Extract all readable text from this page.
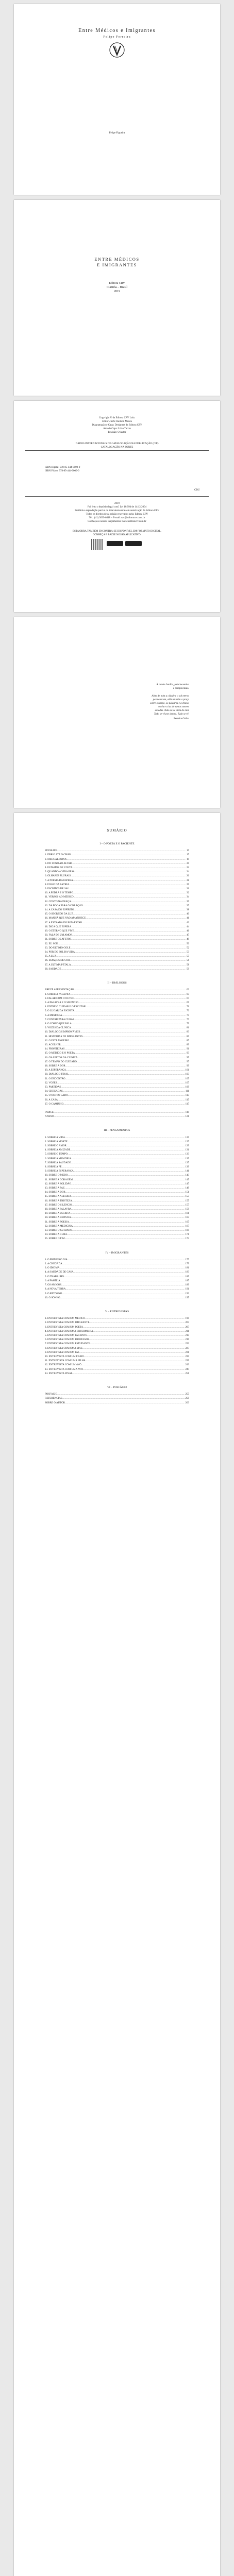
Entre Médicos e Imigrantes
Felipe Ferreira
Felipe Figueira
ENTRE MÉDICOS
E IMIGRANTES
Editora CRV
Curitiba – Brasil
2019
Copyright © da Editora CRV Ltda.
Editor-chefe: Railson Moura
Diagramação e Capa: Designers da Editora CRV
Arte de Capa: Lívio Tarcio
Revisão: O Autor
DADOS INTERNACIONAIS DE CATALOGAÇÃO NA PUBLICAÇÃO (CIP)
CATALOGAÇÃO NA FONTE
ISBN Digital: 978-85-444-0000-0
ISBN Físico: 978-85-444-0000-0
CDU
2019
Foi feito o depósito legal conf. Lei 10.994 de 14/12/2004
Proibida a reprodução parcial ou total desta obra sem autorização da Editora CRV
Todos os direitos desta edição reservados pela: Editora CRV
Tel.: (41) 3039-6418 – E-mail: sac@editoracrv.com.br
Conheça os nossos lançamentos: www.editoracrv.com.br
ESTA OBRA TAMBÉM ENCONTRA-SE DISPONÍVEL EM FORMATO DIGITAL.
CONHEÇA E BAIXE NOSSO APLICATIVO!
À minha família, pelo incentivo
e compreensão.
Além de mim a cidade e o sol eterno
permanecem, além de mim a praça
sobre o tempo, os pássaros e a chuva,
o céu e a luz de tantas nuvens
amadas. Tudo vê-se além de mim
Tudo se vê por dentro. Tudo se vê.
Ferreira Gullar
SUMÁRIO
I – O POETA E O PACIENTE
EPÍGRAFE .....	15
1. ÉBRIO ATÉ O CHÃO .....	17
2. MEUS ALENTOS .....	19
3. DO SONO AO ALTAR .....	20
4. ESTAMOS DE VOLTA .....	22
5. QUANDO A VIDA PESA .....	24
6. OLHARES PLURAIS .....	26
7. A POESIA DA ESPERA .....	28
8. FILHO DA PÁTRIA .....	29
9. ESCRITOS DE SAL .....	31
10. A PEDRA E O TEMPO .....	32
11. VERSOS AO MÉDICO .....	34
12. CONTO NA PRAÇA .....	35
13. DA BOCA PARA O CORAÇÃO .....	37
14. A CASA DO ESPÍRITO .....	38
15. O SEGREDO DA LUZ .....	40
16. MANHÃ QUE NÃO AMANHECE .....	41
17. A ESTRADA DO BEM-ESTAR .....	43
18. DIGA QUE ESPERA .....	44
19. O ETERNO QUE VIVE .....	46
20. FALA DE UM AMOR .....	47
21. SOBRE OS AFETOS .....	49
22. EU SOU .....	50
23. DO ÚLTIMO GOLE .....	52
24. PÔR DO SOL DA VIDA .....	53
25. A LUZ .....	55
26. ESPAÇOS DE COR .....	56
27. A ÚLTIMA PÉTALA .....	58
28. SAUDADE .....	59
II – DIÁLOGOS
BREVE APRESENTAÇÃO .....	63
1. SOBRE A PALAVRA .....	65
2. FALAR COM O OUTRO .....	67
3. A PALAVRA E O SILÊNCIO .....	69
4. ENTRE O CUIDAR E O ESCUTAR .....	71
5. O LUGAR DA ESCRITA .....	73
6. A MEMÓRIA .....	75
7. CONTAR PARA CURAR .....	77
8. O CORPO QUE FALA .....	79
9. VOZES DA CLÍNICA .....	81
10. DIÁLOGOS IMPROVÁVEIS .....	83
11. HISTÓRIAS DE IMIGRANTES .....	85
12. O ESTRANGEIRO .....	87
13. ACOLHER .....	89
14. FRONTEIRAS .....	91
15. O MÉDICO E O POETA .....	93
16. OS AFETOS DA CLÍNICA .....	95
17. O TEMPO DO CUIDADO .....	97
18. SOBRE A DOR .....	99
19. A ESPERANÇA .....	101
20. DIÁLOGO FINAL .....	103
21. O ENCONTRO .....	105
22. VOZES .....	107
23. PARTIDAS .....	109
24. CHEGADAS .....	111
25. O OUTRO LADO .....	113
26. A CASA .....	115
27. O CAMINHO .....	117
ÍNDICE .....	119
ANEXO .....	121
III – PENSAMENTOS
1. SOBRE A VIDA .....	125
2. SOBRE A MORTE .....	127
3. SOBRE O AMOR .....	129
4. SOBRE A AMIZADE .....	131
5. SOBRE O TEMPO .....	133
6. SOBRE A MEMÓRIA .....	135
7. SOBRE A SAUDADE .....	137
8. SOBRE A FÉ .....	139
9. SOBRE A ESPERANÇA .....	141
10. SOBRE O MEDO .....	143
11. SOBRE A CORAGEM .....	145
12. SOBRE A SOLIDÃO .....	147
13. SOBRE A PAZ .....	149
14. SOBRE A DOR .....	151
15. SOBRE A ALEGRIA .....	153
16. SOBRE A TRISTEZA .....	155
17. SOBRE O SILÊNCIO .....	157
18. SOBRE A PALAVRA .....	159
19. SOBRE A ESCRITA .....	161
20. SOBRE A LEITURA .....	163
21. SOBRE A POESIA .....	165
22. SOBRE A MEDICINA .....	167
23. SOBRE O CUIDADO .....	169
24. SOBRE A CURA .....	171
25. SOBRE O FIM .....	173
IV – IMIGRANTES
1. O PRIMEIRO DIA .....	177
2. A CHEGADA .....	179
3. O IDIOMA .....	181
4. A SAUDADE DE CASA .....	183
5. O TRABALHO .....	185
6. A FAMÍLIA .....	187
7. OS AMIGOS .....	189
8. A NOVA TERRA .....	191
9. O RETORNO .....	193
10. O SONHO .....	195
V – ENTREVISTAS
1. ENTREVISTA COM UM MÉDICO .....	199
2. ENTREVISTA COM UM IMIGRANTE .....	203
3. ENTREVISTA COM UM POETA .....	207
4. ENTREVISTA COM UMA ENFERMEIRA .....	211
5. ENTREVISTA COM UM PACIENTE .....	215
6. ENTREVISTA COM UM PROFESSOR .....	219
7. ENTREVISTA COM UM ESTUDANTE .....	223
8. ENTREVISTA COM UMA MÃE .....	227
9. ENTREVISTA COM UM PAI .....	231
10. ENTREVISTA COM UM FILHO .....	235
11. ENTREVISTA COM UMA FILHA .....	239
12. ENTREVISTA COM UM AVÔ .....	243
13. ENTREVISTA COM UMA AVÓ .....	247
14. ENTREVISTA FINAL .....	251
VI – POSFÁCIO
POSFÁCIO .....	255
REFERÊNCIAS .....	259
SOBRE O AUTOR .....	263
